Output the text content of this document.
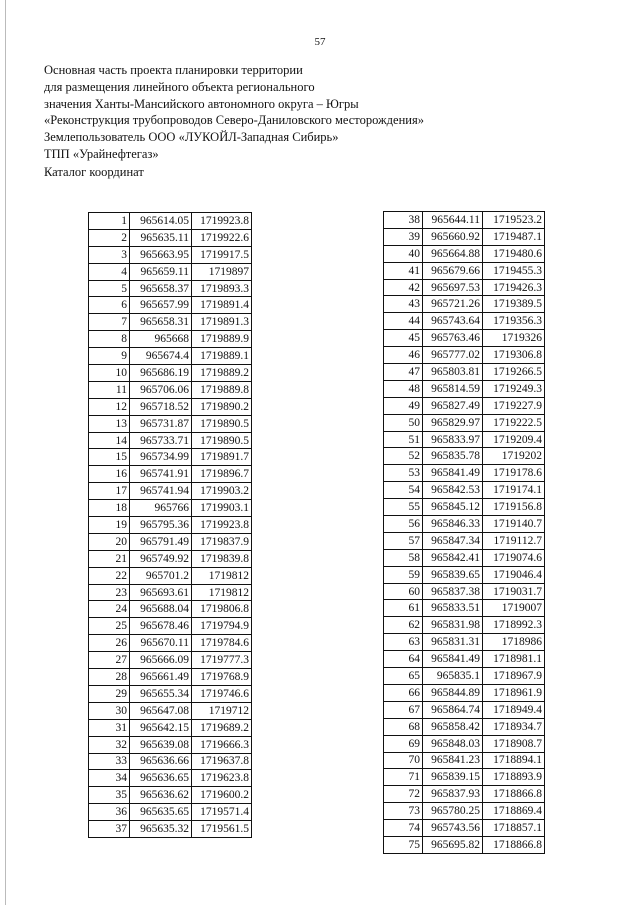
57
Основная часть проекта планировки территории
для размещения линейного объекта регионального
значения Ханты-Мансийского автономного округа – Югры
«Реконструкция трубопроводов Северо-Даниловского месторождения»
Землепользователь ООО «ЛУКОЙЛ-Западная Сибирь»
ТПП «Урайнефтегаз»
Каталог координат
1	965614.05	1719923.8
2	965635.11	1719922.6
3	965663.95	1719917.5
4	965659.11	1719897
5	965658.37	1719893.3
6	965657.99	1719891.4
7	965658.31	1719891.3
8	965668	1719889.9
9	965674.4	1719889.1
10	965686.19	1719889.2
11	965706.06	1719889.8
12	965718.52	1719890.2
13	965731.87	1719890.5
14	965733.71	1719890.5
15	965734.99	1719891.7
16	965741.91	1719896.7
17	965741.94	1719903.2
18	965766	1719903.1
19	965795.36	1719923.8
20	965791.49	1719837.9
21	965749.92	1719839.8
22	965701.2	1719812
23	965693.61	1719812
24	965688.04	1719806.8
25	965678.46	1719794.9
26	965670.11	1719784.6
27	965666.09	1719777.3
28	965661.49	1719768.9
29	965655.34	1719746.6
30	965647.08	1719712
31	965642.15	1719689.2
32	965639.08	1719666.3
33	965636.66	1719637.8
34	965636.65	1719623.8
35	965636.62	1719600.2
36	965635.65	1719571.4
37	965635.32	1719561.5
38	965644.11	1719523.2
39	965660.92	1719487.1
40	965664.88	1719480.6
41	965679.66	1719455.3
42	965697.53	1719426.3
43	965721.26	1719389.5
44	965743.64	1719356.3
45	965763.46	1719326
46	965777.02	1719306.8
47	965803.81	1719266.5
48	965814.59	1719249.3
49	965827.49	1719227.9
50	965829.97	1719222.5
51	965833.97	1719209.4
52	965835.78	1719202
53	965841.49	1719178.6
54	965842.53	1719174.1
55	965845.12	1719156.8
56	965846.33	1719140.7
57	965847.34	1719112.7
58	965842.41	1719074.6
59	965839.65	1719046.4
60	965837.38	1719031.7
61	965833.51	1719007
62	965831.98	1718992.3
63	965831.31	1718986
64	965841.49	1718981.1
65	965835.1	1718967.9
66	965844.89	1718961.9
67	965864.74	1718949.4
68	965858.42	1718934.7
69	965848.03	1718908.7
70	965841.23	1718894.1
71	965839.15	1718893.9
72	965837.93	1718866.8
73	965780.25	1718869.4
74	965743.56	1718857.1
75	965695.82	1718866.8
